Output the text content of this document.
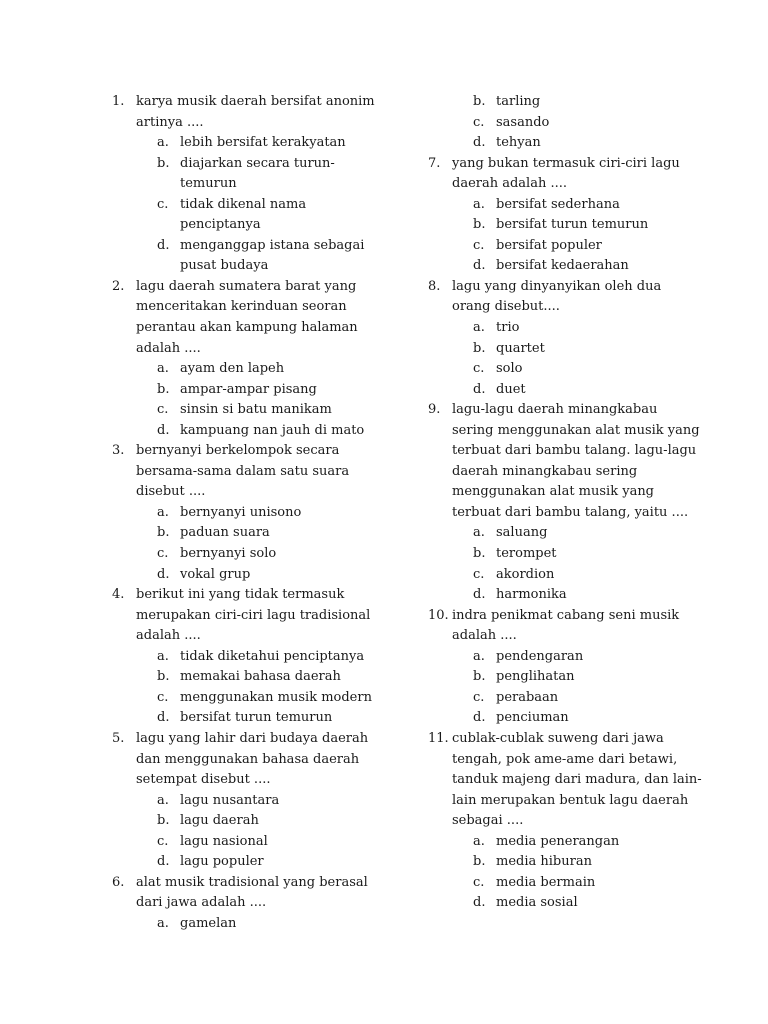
1. karya musik daerah bersifat anonim
artinya ....
a. lebih bersifat kerakyatan
b. diajarkan secara turun-
temurun
c. tidak dikenal nama
penciptanya
d. menganggap istana sebagai
pusat budaya
2. lagu daerah sumatera barat yang
menceritakan kerinduan seoran
perantau akan kampung halaman
adalah ....
a. ayam den lapeh
b. ampar-ampar pisang
c. sinsin si batu manikam
d. kampuang nan jauh di mato
3. bernyanyi berkelompok secara
bersama-sama dalam satu suara
disebut ....
a. bernyanyi unisono
b. paduan suara
c. bernyanyi solo
d. vokal grup
4. berikut ini yang tidak termasuk
merupakan ciri-ciri lagu tradisional
adalah ....
a. tidak diketahui penciptanya
b. memakai bahasa daerah
c. menggunakan musik modern
d. bersifat turun temurun
5. lagu yang lahir dari budaya daerah
dan menggunakan bahasa daerah
setempat disebut ....
a. lagu nusantara
b. lagu daerah
c. lagu nasional
d. lagu populer
6. alat musik tradisional yang berasal
dari jawa adalah ....
a. gamelan
b. tarling
c. sasando
d. tehyan
7. yang bukan termasuk ciri-ciri lagu
daerah adalah ....
a. bersifat sederhana
b. bersifat turun temurun
c. bersifat populer
d. bersifat kedaerahan
8. lagu yang dinyanyikan oleh dua
orang disebut....
a. trio
b. quartet
c. solo
d. duet
9. lagu-lagu daerah minangkabau
sering menggunakan alat musik yang
terbuat dari bambu talang. lagu-lagu
daerah minangkabau sering
menggunakan alat musik yang
terbuat dari bambu talang, yaitu ....
a. saluang
b. terompet
c. akordion
d. harmonika
10. indra penikmat cabang seni musik
adalah ....
a. pendengaran
b. penglihatan
c. perabaan
d. penciuman
11. cublak-cublak suweng dari jawa
tengah, pok ame-ame dari betawi,
tanduk majeng dari madura, dan lain-
lain merupakan bentuk lagu daerah
sebagai ....
a. media penerangan
b. media hiburan
c. media bermain
d. media sosial
